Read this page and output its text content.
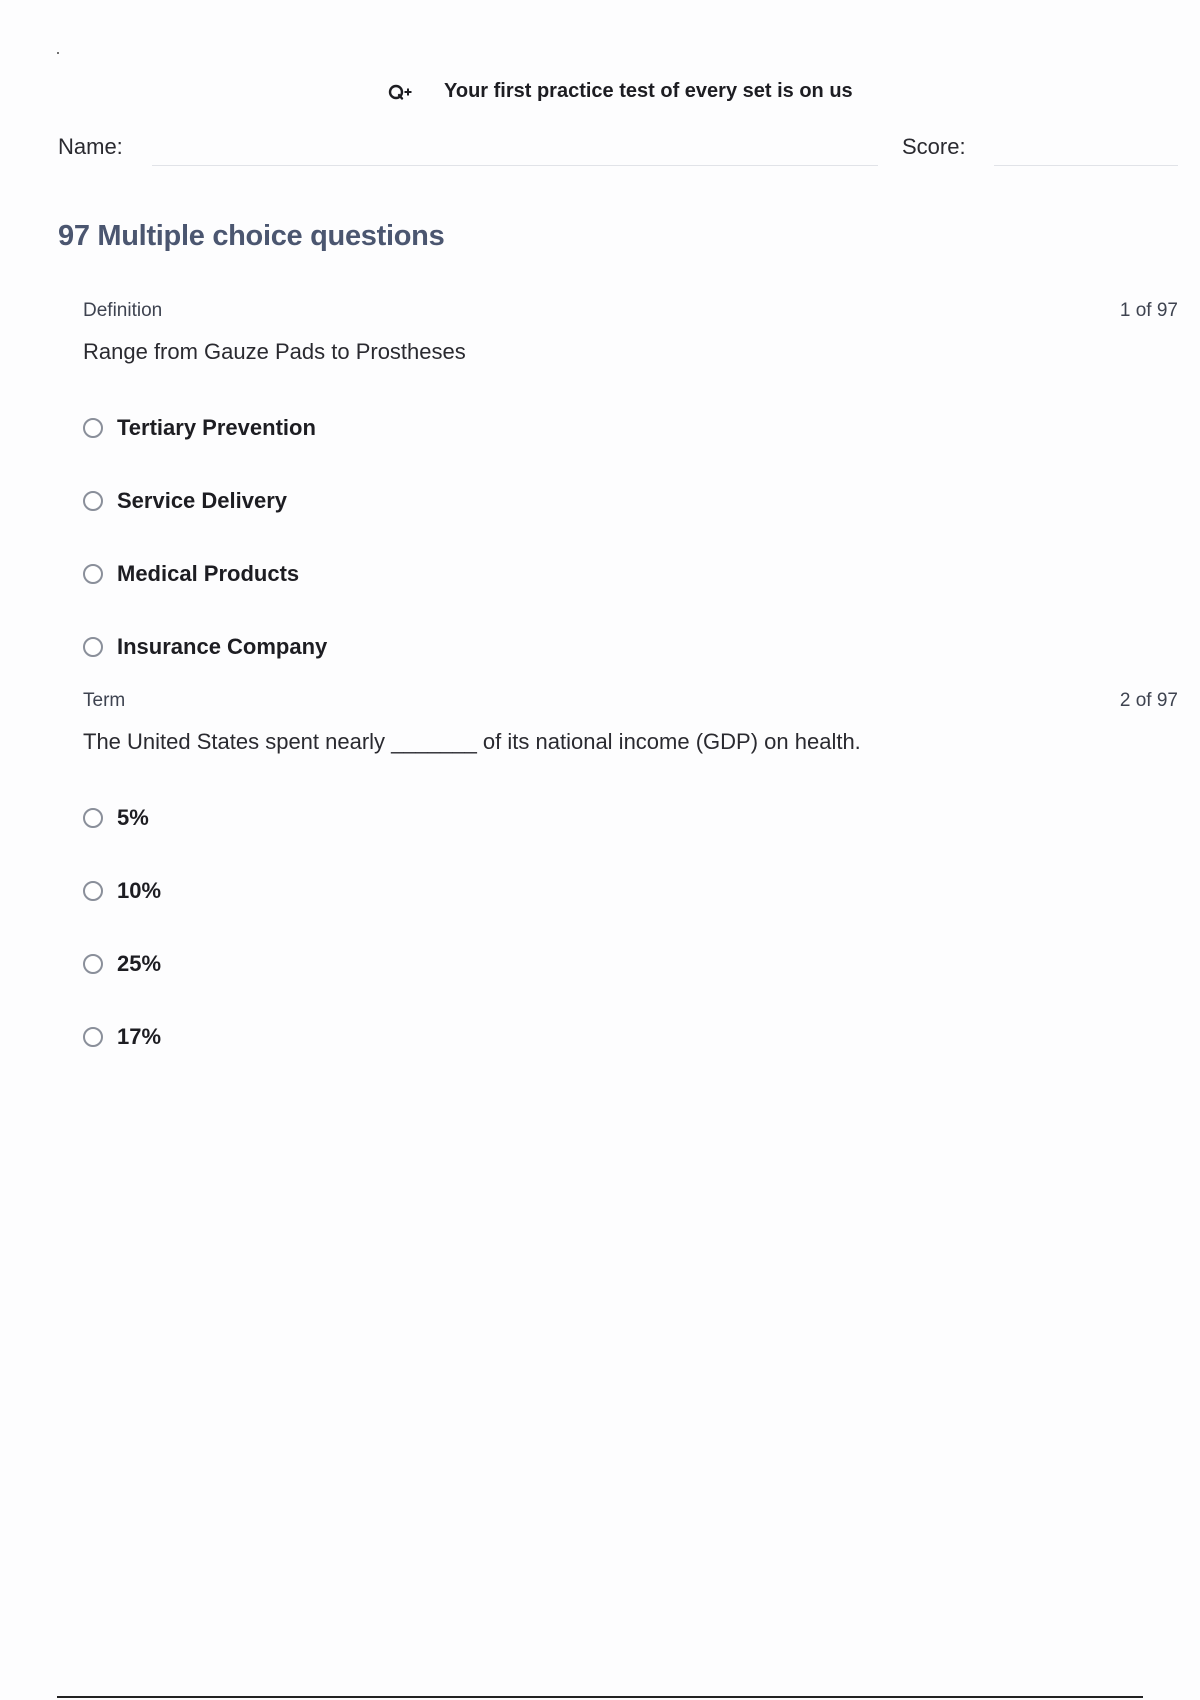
Your first practice test of every set is on us
Name:	Score:
97 Multiple choice questions
Definition	1 of 97
Range from Gauze Pads to Prostheses
Tertiary Prevention
Service Delivery
Medical Products
Insurance Company
Term	2 of 97
The United States spent nearly _______ of its national income (GDP) on health.
5%
10%
25%
17%
